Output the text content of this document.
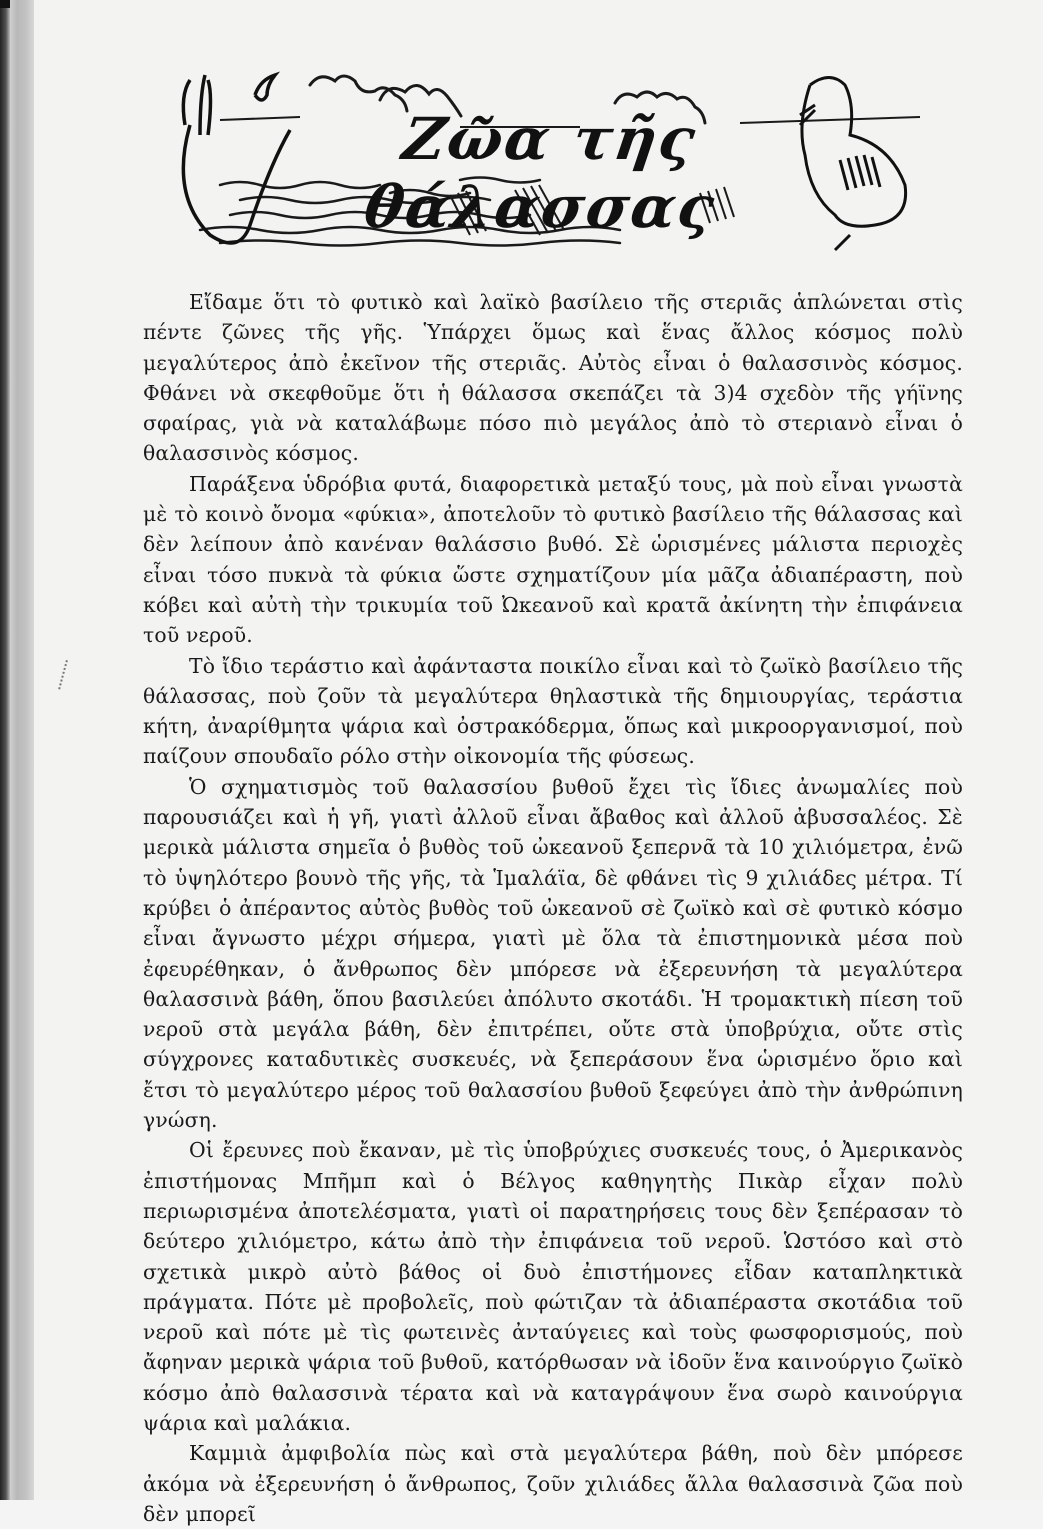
Ζῶα τῆς θάλασσας

Εἴδαμε ὅτι τὸ φυτικὸ καὶ λαϊκὸ βασίλειο τῆς στεριᾶς ἁπλώνεται στὶς πέντε ζῶνες τῆς γῆς. Ὑπάρχει ὅμως καὶ ἕνας ἄλλος κόσμος πολὺ μεγαλύτερος ἀπὸ ἐκεῖνον τῆς στεριᾶς. Αὐτὸς εἶναι ὁ θαλασσινὸς κόσμος. Φθάνει νὰ σκεφθοῦμε ὅτι ἡ θάλασσα σκεπάζει τὰ 3)4 σχεδὸν τῆς γήϊνης σφαίρας, γιὰ νὰ καταλάβωμε πόσο πιὸ μεγάλος ἀπὸ τὸ στεριανὸ εἶναι ὁ θαλασσινὸς κόσμος.

Παράξενα ὑδρόβια φυτά, διαφορετικὰ μεταξύ τους, μὰ ποὺ εἶναι γνωστὰ μὲ τὸ κοινὸ ὄνομα «φύκια», ἀποτελοῦν τὸ φυτικὸ βασίλειο τῆς θάλασσας καὶ δὲν λείπουν ἀπὸ κανέναν θαλάσσιο βυθό. Σὲ ὡρισμένες μάλιστα περιοχὲς εἶναι τόσο πυκνὰ τὰ φύκια ὥστε σχηματίζουν μία μᾶζα ἀδιαπέραστη, ποὺ κόβει καὶ αὐτὴ τὴν τρικυμία τοῦ Ὠκεανοῦ καὶ κρατᾶ ἀκίνητη τὴν ἐπιφάνεια τοῦ νεροῦ.

Τὸ ἴδιο τεράστιο καὶ ἀφάνταστα ποικίλο εἶναι καὶ τὸ ζωϊκὸ βασίλειο τῆς θάλασσας, ποὺ ζοῦν τὰ μεγαλύτερα θηλαστικὰ τῆς δημιουργίας, τεράστια κήτη, ἀναρίθμητα ψάρια καὶ ὀστρακόδερμα, ὅπως καὶ μικροοργανισμοί, ποὺ παίζουν σπουδαῖο ρόλο στὴν οἰκονομία τῆς φύσεως.

Ὁ σχηματισμὸς τοῦ θαλασσίου βυθοῦ ἔχει τὶς ἴδιες ἀνωμαλίες ποὺ παρουσιάζει καὶ ἡ γῆ, γιατὶ ἀλλοῦ εἶναι ἄβαθος καὶ ἀλλοῦ ἀβυσσαλέος. Σὲ μερικὰ μάλιστα σημεῖα ὁ βυθὸς τοῦ ὠκεανοῦ ξεπερνᾶ τὰ 10 χιλιόμετρα, ἐνῶ τὸ ὑψηλότερο βουνὸ τῆς γῆς, τὰ Ἱμαλάϊα, δὲ φθάνει τὶς 9 χιλιάδες μέτρα. Τί κρύβει ὁ ἀπέραντος αὐτὸς βυθὸς τοῦ ὠκεανοῦ σὲ ζωϊκὸ καὶ σὲ φυτικὸ κόσμο εἶναι ἄγνωστο μέχρι σήμερα, γιατὶ μὲ ὅλα τὰ ἐπιστημονικὰ μέσα ποὺ ἐφευρέθηκαν, ὁ ἄνθρωπος δὲν μπόρεσε νὰ ἐξερευνήση τὰ μεγαλύτερα θαλασσινὰ βάθη, ὅπου βασιλεύει ἀπόλυτο σκοτάδι. Ἡ τρομακτικὴ πίεση τοῦ νεροῦ στὰ μεγάλα βάθη, δὲν ἐπιτρέπει, οὔτε στὰ ὑποβρύχια, οὔτε στὶς σύγχρονες καταδυτικὲς συσκευές, νὰ ξεπεράσουν ἕνα ὡρισμένο ὅριο καὶ ἔτσι τὸ μεγαλύτερο μέρος τοῦ θαλασσίου βυθοῦ ξεφεύγει ἀπὸ τὴν ἀνθρώπινη γνώση.

Οἱ ἔρευνες ποὺ ἔκαναν, μὲ τὶς ὑποβρύχιες συσκευές τους, ὁ Ἀμερικανὸς ἐπιστήμονας Μπῆμπ καὶ ὁ Βέλγος καθηγητὴς Πικὰρ εἶχαν πολὺ περιωρισμένα ἀποτελέσματα, γιατὶ οἱ παρατηρήσεις τους δὲν ξεπέρασαν τὸ δεύτερο χιλιόμετρο, κάτω ἀπὸ τὴν ἐπιφάνεια τοῦ νεροῦ. Ὡστόσο καὶ στὸ σχετικὰ μικρὸ αὐτὸ βάθος οἱ δυὸ ἐπιστήμονες εἶδαν καταπληκτικὰ πράγματα. Πότε μὲ προβολεῖς, ποὺ φώτιζαν τὰ ἀδιαπέραστα σκοτάδια τοῦ νεροῦ καὶ πότε μὲ τὶς φωτεινὲς ἀνταύγειες καὶ τοὺς φωσφορισμούς, ποὺ ἄφηναν μερικὰ ψάρια τοῦ βυθοῦ, κατόρθωσαν νὰ ἰδοῦν ἕνα καινούργιο ζωϊκὸ κόσμο ἀπὸ θαλασσινὰ τέρατα καὶ νὰ καταγράψουν ἕνα σωρὸ καινούργια ψάρια καὶ μαλάκια.

Καμμιὰ ἀμφιβολία πὼς καὶ στὰ μεγαλύτερα βάθη, ποὺ δὲν μπόρεσε ἀκόμα νὰ ἐξερευνήση ὁ ἄνθρωπος, ζοῦν χιλιάδες ἄλλα θαλασσινὰ ζῶα ποὺ δὲν μπορεῖ
